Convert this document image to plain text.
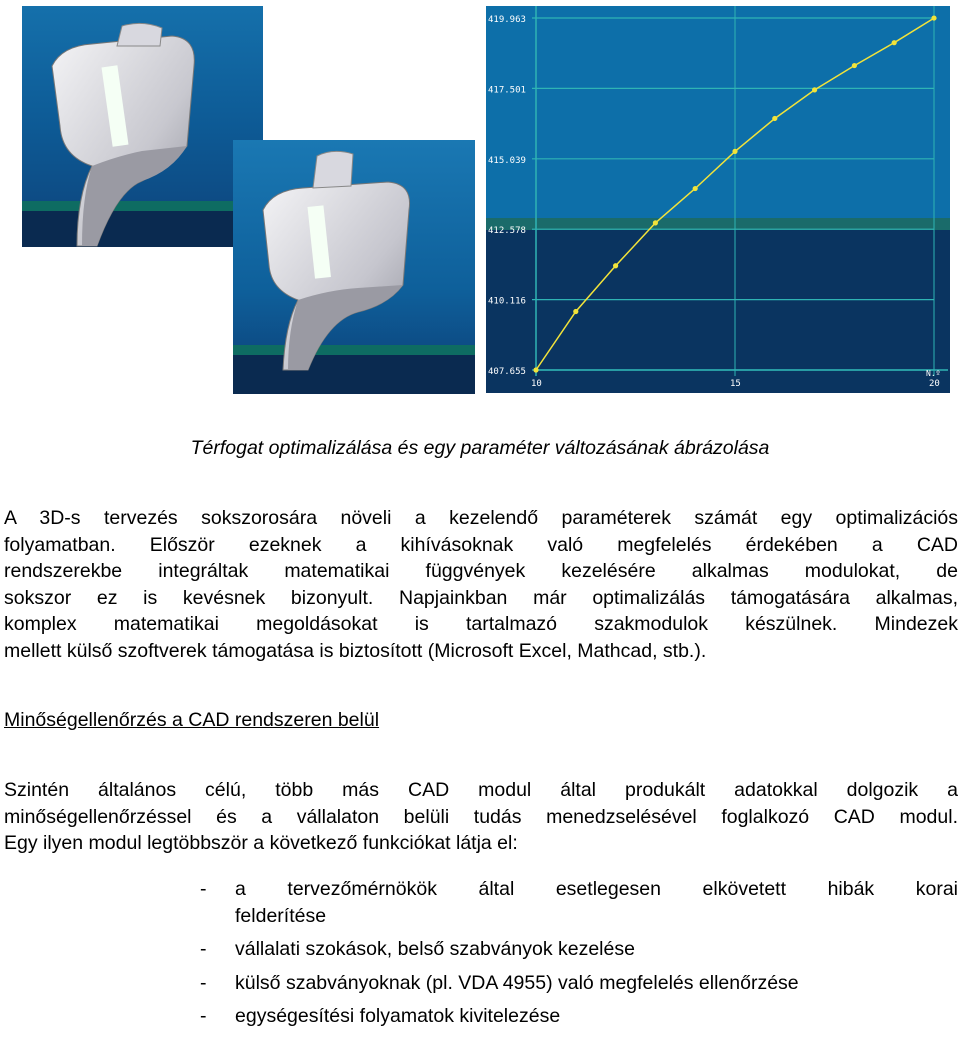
419.963
417.501
415.039
412.578
410.116
407.655
10	15	20
N.º
Térfogat optimalizálása és egy paraméter változásának ábrázolása
A 3D-s tervezés sokszorosára növeli a kezelendő paraméterek számát egy optimalizációs
folyamatban. Először ezeknek a kihívásoknak való megfelelés érdekében a CAD
rendszerekbe integráltak matematikai függvények kezelésére alkalmas modulokat, de
sokszor ez is kevésnek bizonyult. Napjainkban már optimalizálás támogatására alkalmas,
komplex matematikai megoldásokat is tartalmazó szakmodulok készülnek. Mindezek
mellett külső szoftverek támogatása is biztosított (Microsoft Excel, Mathcad, stb.).
Minőségellenőrzés a CAD rendszeren belül
Szintén általános célú, több más CAD modul által produkált adatokkal dolgozik a
minőségellenőrzéssel és a vállalaton belüli tudás menedzselésével foglalkozó CAD modul.
Egy ilyen modul legtöbbször a következő funkciókat látja el:
- a tervezőmérnökök által esetlegesen elkövetett hibák korai
felderítése
- vállalati szokások, belső szabványok kezelése
- külső szabványoknak (pl. VDA 4955) való megfelelés ellenőrzése
- egységesítési folyamatok kivitelezése
